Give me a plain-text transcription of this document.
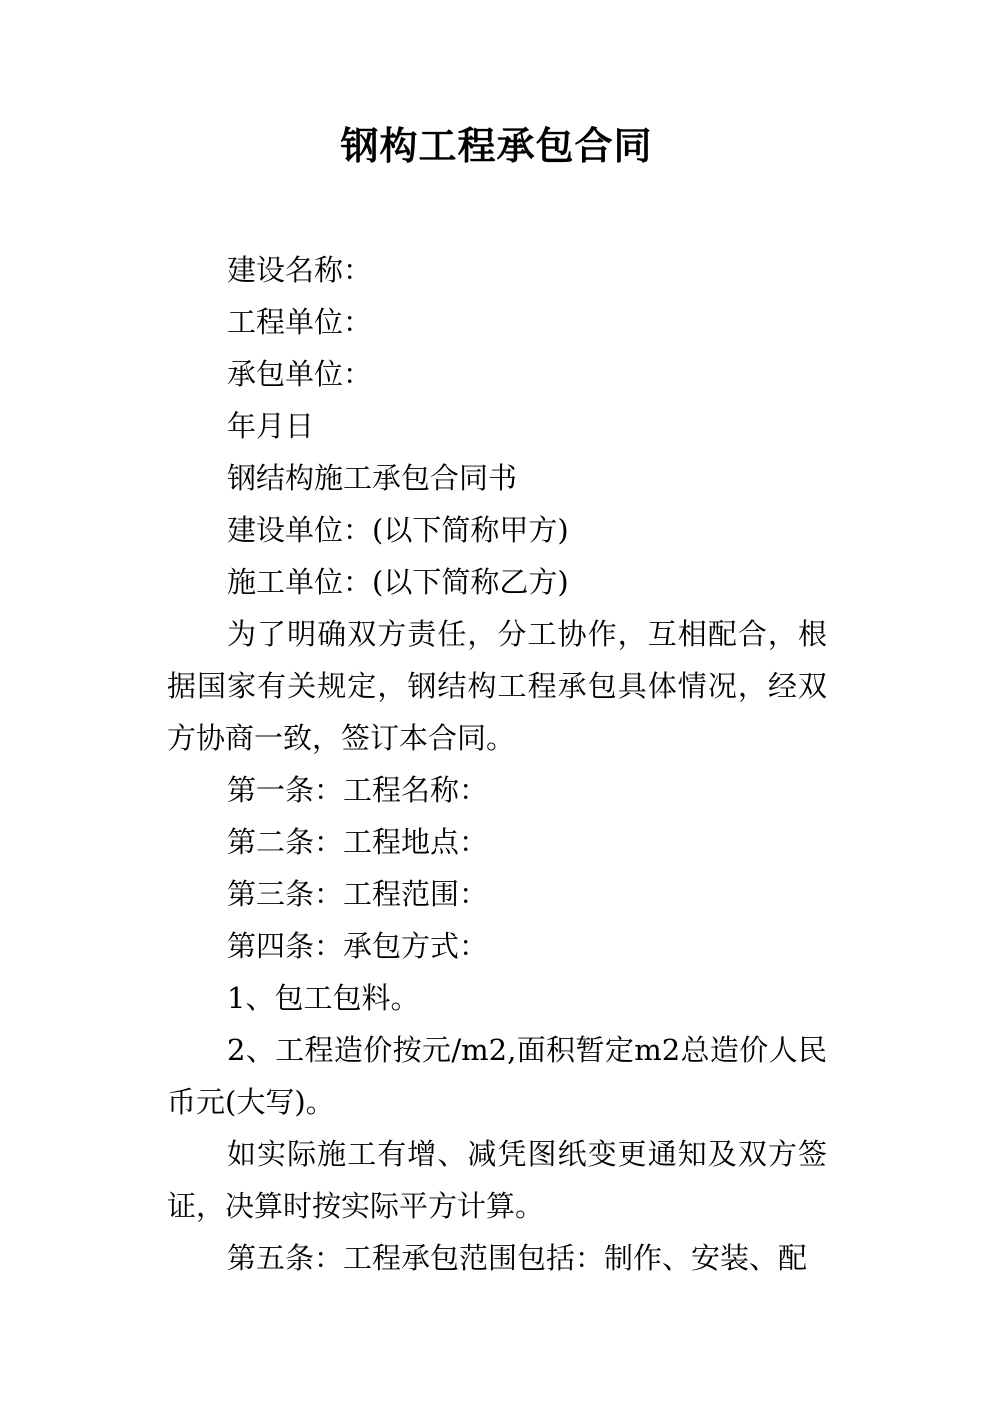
钢构工程承包合同

建设名称：

工程单位：

承包单位：

年月日

钢结构施工承包合同书

建设单位：(以下简称甲方)

施工单位：(以下简称乙方)

为了明确双方责任，分工协作，互相配合，根据国家有关规定，钢结构工程承包具体情况，经双方协商一致，签订本合同。

第一条：工程名称：

第二条：工程地点：

第三条：工程范围：

第四条：承包方式：

1、包工包料。

2、工程造价按元/m2,面积暂定m2总造价人民币元(大写)。

如实际施工有增、减凭图纸变更通知及双方签证，决算时按实际平方计算。

第五条：工程承包范围包括：制作、安装、配
